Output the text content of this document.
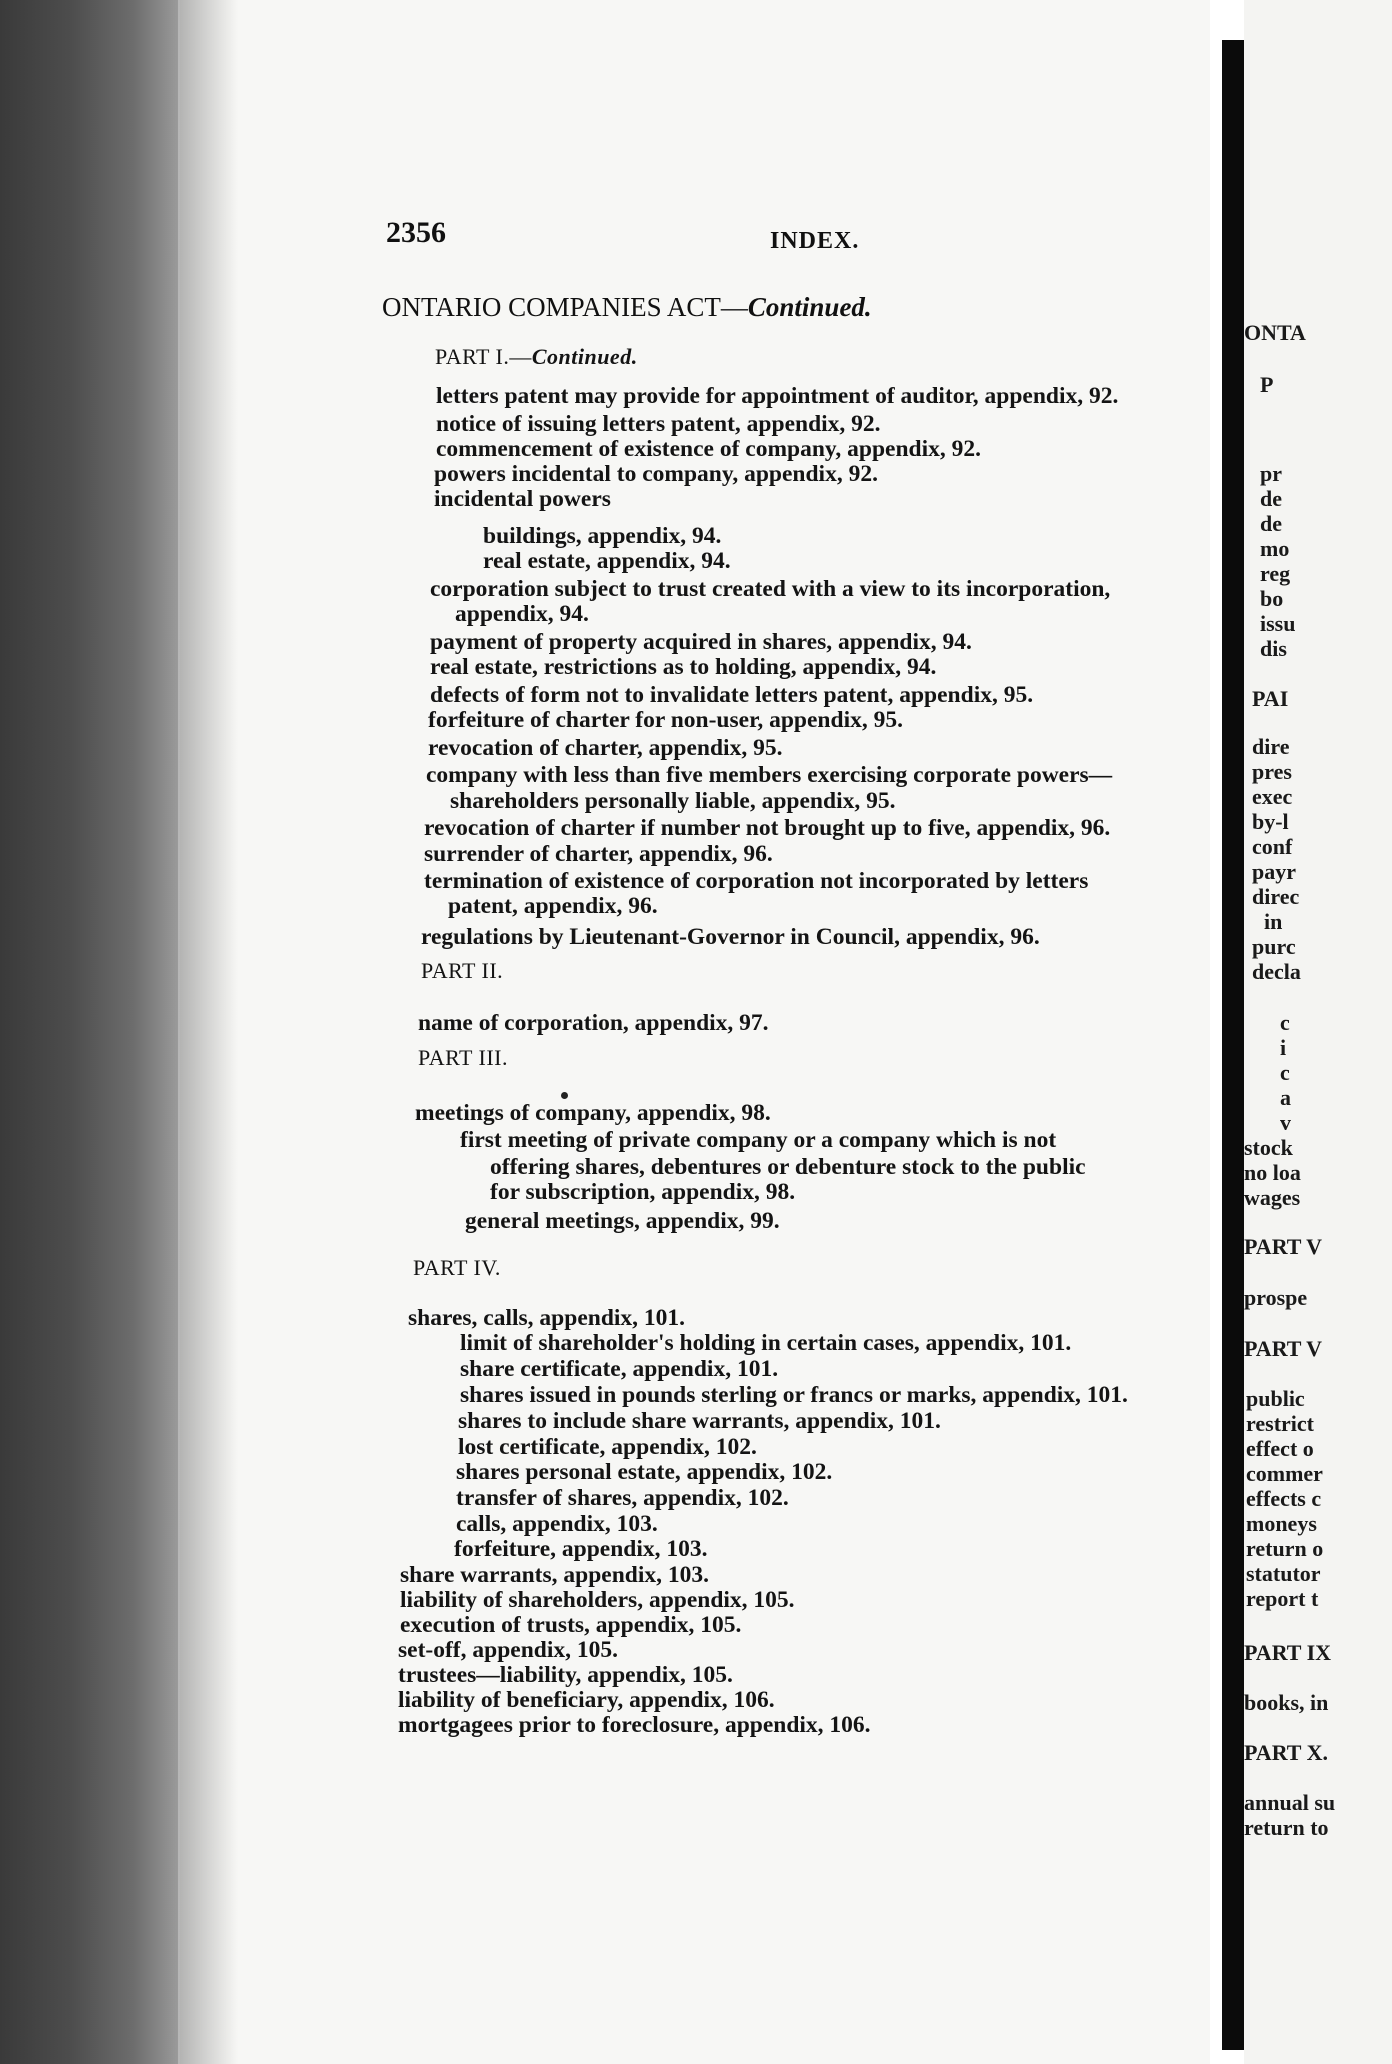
2356	INDEX.
ONTARIO COMPANIES ACT—Continued.
PART I.—Continued.
letters patent may provide for appointment of auditor, appendix, 92.
notice of issuing letters patent, appendix, 92.
commencement of existence of company, appendix, 92.
powers incidental to company, appendix, 92.
incidental powers
buildings, appendix, 94.
real estate, appendix, 94.
corporation subject to trust created with a view to its incorporation,
appendix, 94.
payment of property acquired in shares, appendix, 94.
real estate, restrictions as to holding, appendix, 94.
defects of form not to invalidate letters patent, appendix, 95.
forfeiture of charter for non-user, appendix, 95.
revocation of charter, appendix, 95.
company with less than five members exercising corporate powers—
shareholders personally liable, appendix, 95.
revocation of charter if number not brought up to five, appendix, 96.
surrender of charter, appendix, 96.
termination of existence of corporation not incorporated by letters
patent, appendix, 96.
regulations by Lieutenant-Governor in Council, appendix, 96.
PART II.
name of corporation, appendix, 97.
PART III.
meetings of company, appendix, 98.
first meeting of private company or a company which is not
offering shares, debentures or debenture stock to the public
for subscription, appendix, 98.
general meetings, appendix, 99.
PART IV.
shares, calls, appendix, 101.
limit of shareholder's holding in certain cases, appendix, 101.
share certificate, appendix, 101.
shares issued in pounds sterling or francs or marks, appendix, 101.
shares to include share warrants, appendix, 101.
lost certificate, appendix, 102.
shares personal estate, appendix, 102.
transfer of shares, appendix, 102.
calls, appendix, 103.
forfeiture, appendix, 103.
share warrants, appendix, 103.
liability of shareholders, appendix, 105.
execution of trusts, appendix, 105.
set-off, appendix, 105.
trustees—liability, appendix, 105.
liability of beneficiary, appendix, 106.
mortgagees prior to foreclosure, appendix, 106.
ONTA
P
pr
de
de
mo
reg
bo
issu
dis
PAI
dire
pres
exec
by-l
conf
payr
direc
in
purc
decla
c
i
c
a
v
stock
no loa
wages
PART V
prospe
PART V
public
restrict
effect o
commer
effects c
moneys
return o
statutor
report t
PART IX
books, in
PART X.
annual su
return to
